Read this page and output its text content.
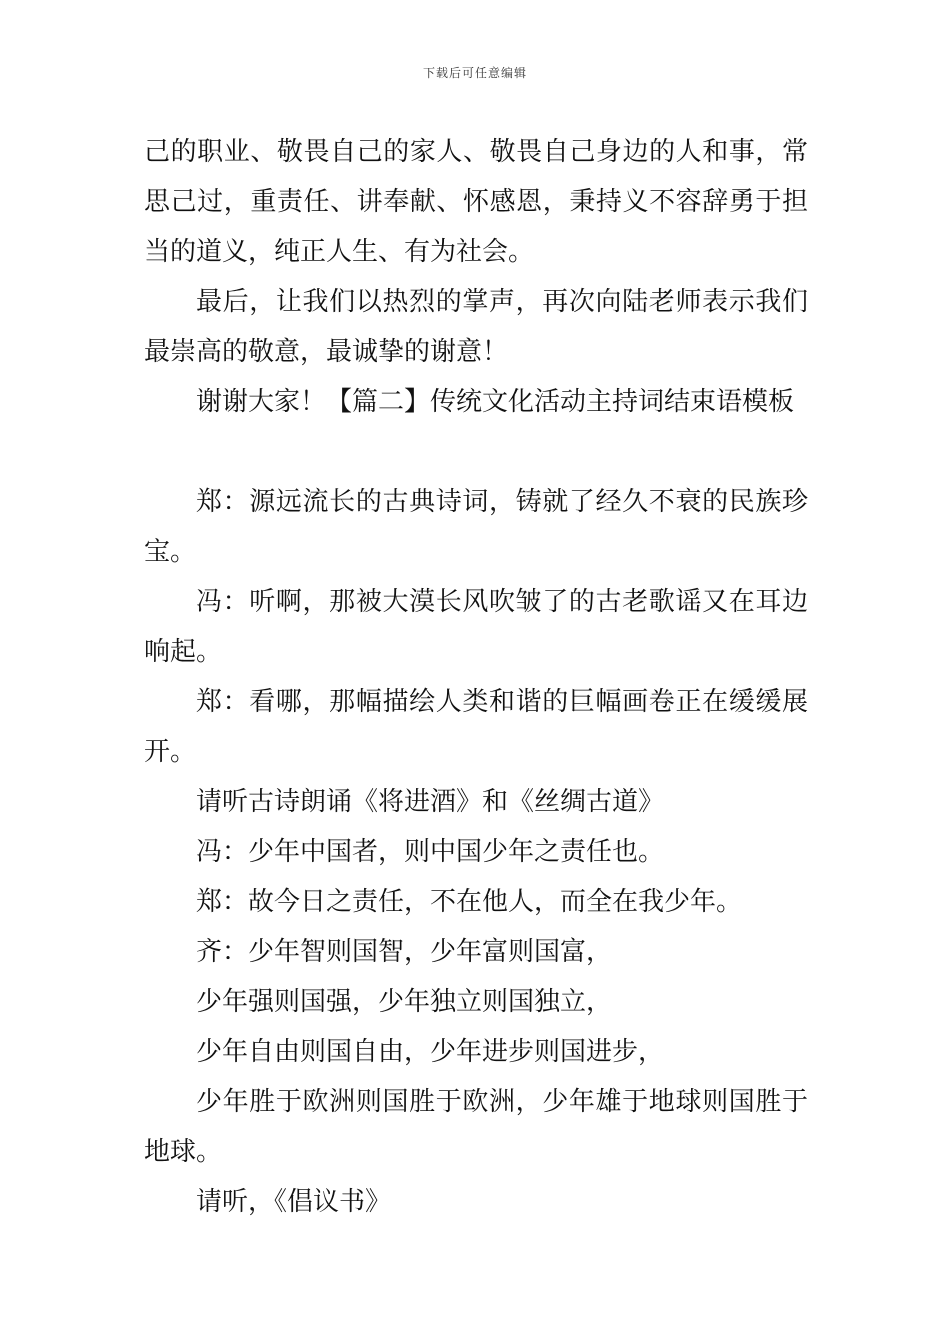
下载后可任意编辑
己的职业、敬畏自己的家人、敬畏自己身边的人和事，常
思己过，重责任、讲奉献、怀感恩，秉持义不容辞勇于担
当的道义，纯正人生、有为社会。
最后，让我们以热烈的掌声，再次向陆老师表示我们
最崇高的敬意，最诚挚的谢意！
谢谢大家！【篇二】传统文化活动主持词结束语模板
郑：源远流长的古典诗词，铸就了经久不衰的民族珍
宝。
冯：听啊，那被大漠长风吹皱了的古老歌谣又在耳边
响起。
郑：看哪，那幅描绘人类和谐的巨幅画卷正在缓缓展
开。
请听古诗朗诵《将进酒》和《丝绸古道》
冯：少年中国者，则中国少年之责任也。
郑：故今日之责任，不在他人，而全在我少年。
齐：少年智则国智，少年富则国富，
少年强则国强，少年独立则国独立，
少年自由则国自由，少年进步则国进步，
少年胜于欧洲则国胜于欧洲，少年雄于地球则国胜于
地球。
请听，《倡议书》
